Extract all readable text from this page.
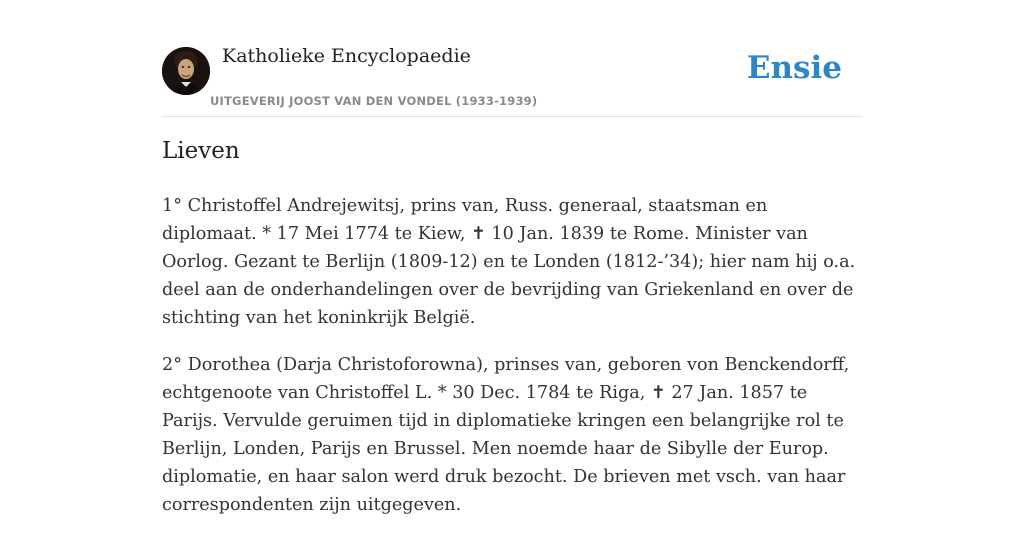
Katholieke Encyclopaedie
UITGEVERIJ JOOST VAN DEN VONDEL (1933-1939)
Ensie
Lieven

1° Christoffel Andrejewitsj, prins van, Russ. generaal, staatsman en diplomaat. * 17 Mei 1774 te Kiew, ✝ 10 Jan. 1839 te Rome. Minister van Oorlog. Gezant te Berlijn (1809-12) en te Londen (1812-’34); hier nam hij o.a. deel aan de onderhandelingen over de bevrijding van Griekenland en over de stichting van het koninkrijk België.

2° Dorothea (Darja Christoforowna), prinses van, geboren von Benckendorff, echtgenoote van Christoffel L. * 30 Dec. 1784 te Riga, ✝ 27 Jan. 1857 te Parijs. Vervulde geruimen tijd in diplomatieke kringen een belangrijke rol te Berlijn, Londen, Parijs en Brussel. Men noemde haar de Sibylle der Europ. diplomatie, en haar salon werd druk bezocht. De brieven met vsch. van haar correspondenten zijn uitgegeven.
